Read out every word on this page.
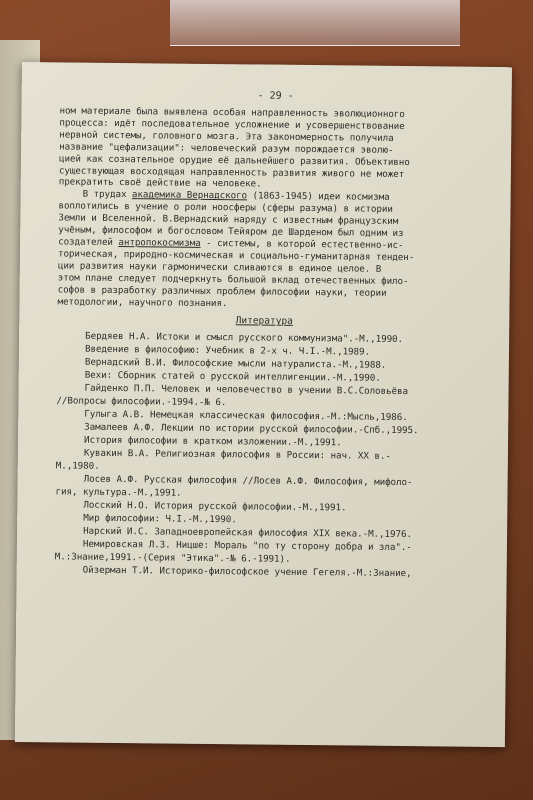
- 29 -
ном материале была выявлена особая направленность эволюционного
процесса: идёт последовательное усложнение и усовершенствование
нервной системы, головного мозга. Эта закономерность получила
название "цефализации": человеческий разум порождается эволю-
цией как сознательное орудие её дальнейшего развития. Объективно
существующая восходящая направленность развития живого не может
прекратить своё действие на человеке.
В трудах академика Вернадского (1863-1945) идеи космизма
воплотились в учение о роли ноосферы (сферы разума) в истории
Земли и Вселенной. В.Вернадский наряду с известным французским
учёным, философом и богословом Тейяром де Шарденом был одним из
создателей антропокосмизма - системы, в которой естественно-ис-
торическая, природно-космическая и социально-гуманитарная тенден-
ции развития науки гармонически сливаются в единое целое. В
этом плане следует подчеркнуть большой вклад отечественных фило-
софов в разработку различных проблем философии науки, теории
методологии, научного познания.
Литература
Бердяев Н.А. Истоки и смысл русского коммунизма".-М.,1990.
Введение в философию: Учебник в 2-х ч. Ч.I.-М.,1989.
Вернадский В.И. Философские мысли натуралиста.-М.,1988.
Вехи: Сборник статей о русской интеллигенции.-М.,1990.
Гайденко П.П. Человек и человечество в учении В.С.Соловьёва
//Вопросы философии.-1994.-№ 6.
Гулыга А.В. Немецкая классическая философия.-М.:Мысль,1986.
Замалеев А.Ф. Лекции по истории русской философии.-Спб.,1995.
История философии в кратком изложении.-М.,1991.
Кувакин В.А. Религиозная философия в России: нач. XX в.-
М.,1980.
Лосев А.Ф. Русская философия //Лосев А.Ф. Философия, мифоло-
гия, культура.-М.,1991.
Лосский Н.О. История русской философии.-М.,1991.
Мир философии: Ч.I.-М.,1990.
Нарский И.С. Западноевропейская философия XIX века.-М.,1976.
Немировская Л.З. Ницше: Мораль "по ту сторону добра и зла".-
М.:Знание,1991.-(Серия "Этика".-№ 6.-1991).
Ойзерман Т.И. Историко-философское учение Гегеля.-М.:Знание,
